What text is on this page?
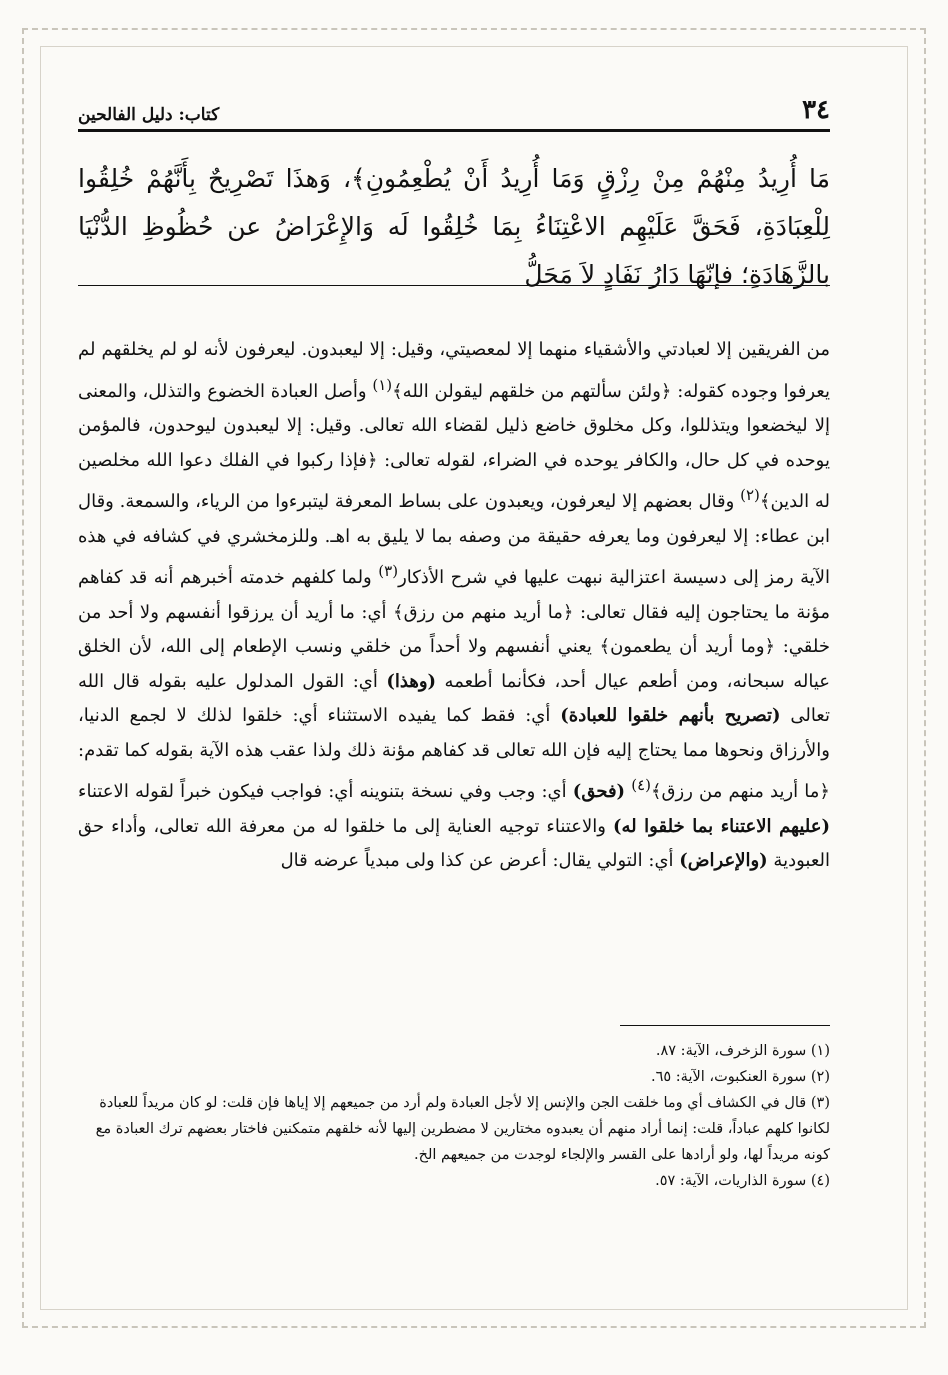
٣٤
كتاب: دليل الفالحين
مَا أُرِيدُ مِنْهُمْ مِنْ رِزْقٍ وَمَا أُرِيدُ أَنْ يُطْعِمُونِ﴾، وَهذَا تَصْرِيحٌ بِأَنَّهُمْ خُلِقُوا لِلْعِبَادَةِ، فَحَقَّ عَلَيْهِم الاعْتِنَاءُ بِمَا خُلِقُوا لَه وَالإِعْرَاضُ عن حُظُوظِ الدُّنْيَا بالزَّهَادَةِ؛ فإنّهَا دَارُ نَفَادٍ لاَ مَحَلُّ

من الفريقين إلا لعبادتي والأشقياء منهما إلا لمعصيتي، وقيل: إلا ليعبدون. ليعرفون لأنه لو لم يخلقهم لم يعرفوا وجوده كقوله: ﴿ولئن سألتهم من خلقهم ليقولن الله﴾$^{(١)}$ وأصل العبادة الخضوع والتذلل، والمعنى إلا ليخضعوا ويتذللوا، وكل مخلوق خاضع ذليل لقضاء الله تعالى. وقيل: إلا ليعبدون ليوحدون، فالمؤمن يوحده في كل حال، والكافر يوحده في الضراء، لقوله تعالى: ﴿فإذا ركبوا في الفلك دعوا الله مخلصين له الدين﴾$^{(٢)}$ وقال بعضهم إلا ليعرفون، ويعبدون على بساط المعرفة ليتبرءوا من الرياء، والسمعة. وقال ابن عطاء: إلا ليعرفون وما يعرفه حقيقة من وصفه بما لا يليق به اهـ. وللزمخشري في كشافه في هذه الآية رمز إلى دسيسة اعتزالية نبهت عليها في شرح الأذكار$^{(٣)}$ ولما كلفهم خدمته أخبرهم أنه قد كفاهم مؤنة ما يحتاجون إليه فقال تعالى: ﴿ما أريد منهم من رزق﴾ أي: ما أريد أن يرزقوا أنفسهم ولا أحد من خلقي: ﴿وما أريد أن يطعمون﴾ يعني أنفسهم ولا أحداً من خلقي ونسب الإطعام إلى الله، لأن الخلق عياله سبحانه، ومن أطعم عيال أحد، فكأنما أطعمه (وهذا) أي: القول المدلول عليه بقوله قال الله تعالى (تصريح بأنهم خلقوا للعبادة) أي: فقط كما يفيده الاستثناء أي: خلقوا لذلك لا لجمع الدنيا، والأرزاق ونحوها مما يحتاج إليه فإن الله تعالى قد كفاهم مؤنة ذلك ولذا عقب هذه الآية بقوله كما تقدم: ﴿ما أريد منهم من رزق﴾$^{(٤)}$ (فحق) أي: وجب وفي نسخة بتنوينه أي: فواجب فيكون خبراً لقوله الاعتناء (عليهم الاعتناء بما خلقوا له) والاعتناء توجيه العناية إلى ما خلقوا له من معرفة الله تعالى، وأداء حق العبودية (والإعراض) أي: التولي يقال: أعرض عن كذا ولى مبدياً عرضه قال

(١) سورة الزخرف، الآية: ٨٧.

(٢) سورة العنكبوت، الآية: ٦٥.

(٣) قال في الكشاف أي وما خلقت الجن والإنس إلا لأجل العبادة ولم أرد من جميعهم إلا إياها فإن قلت: لو كان مريداً للعبادة لكانوا كلهم عباداً، قلت: إنما أراد منهم أن يعبدوه مختارين لا مضطرين إليها لأنه خلقهم متمكنين فاختار بعضهم ترك العبادة مع كونه مريداً لها، ولو أرادها على القسر والإلجاء لوجدت من جميعهم الخ.

(٤) سورة الذاريات، الآية: ٥٧.
